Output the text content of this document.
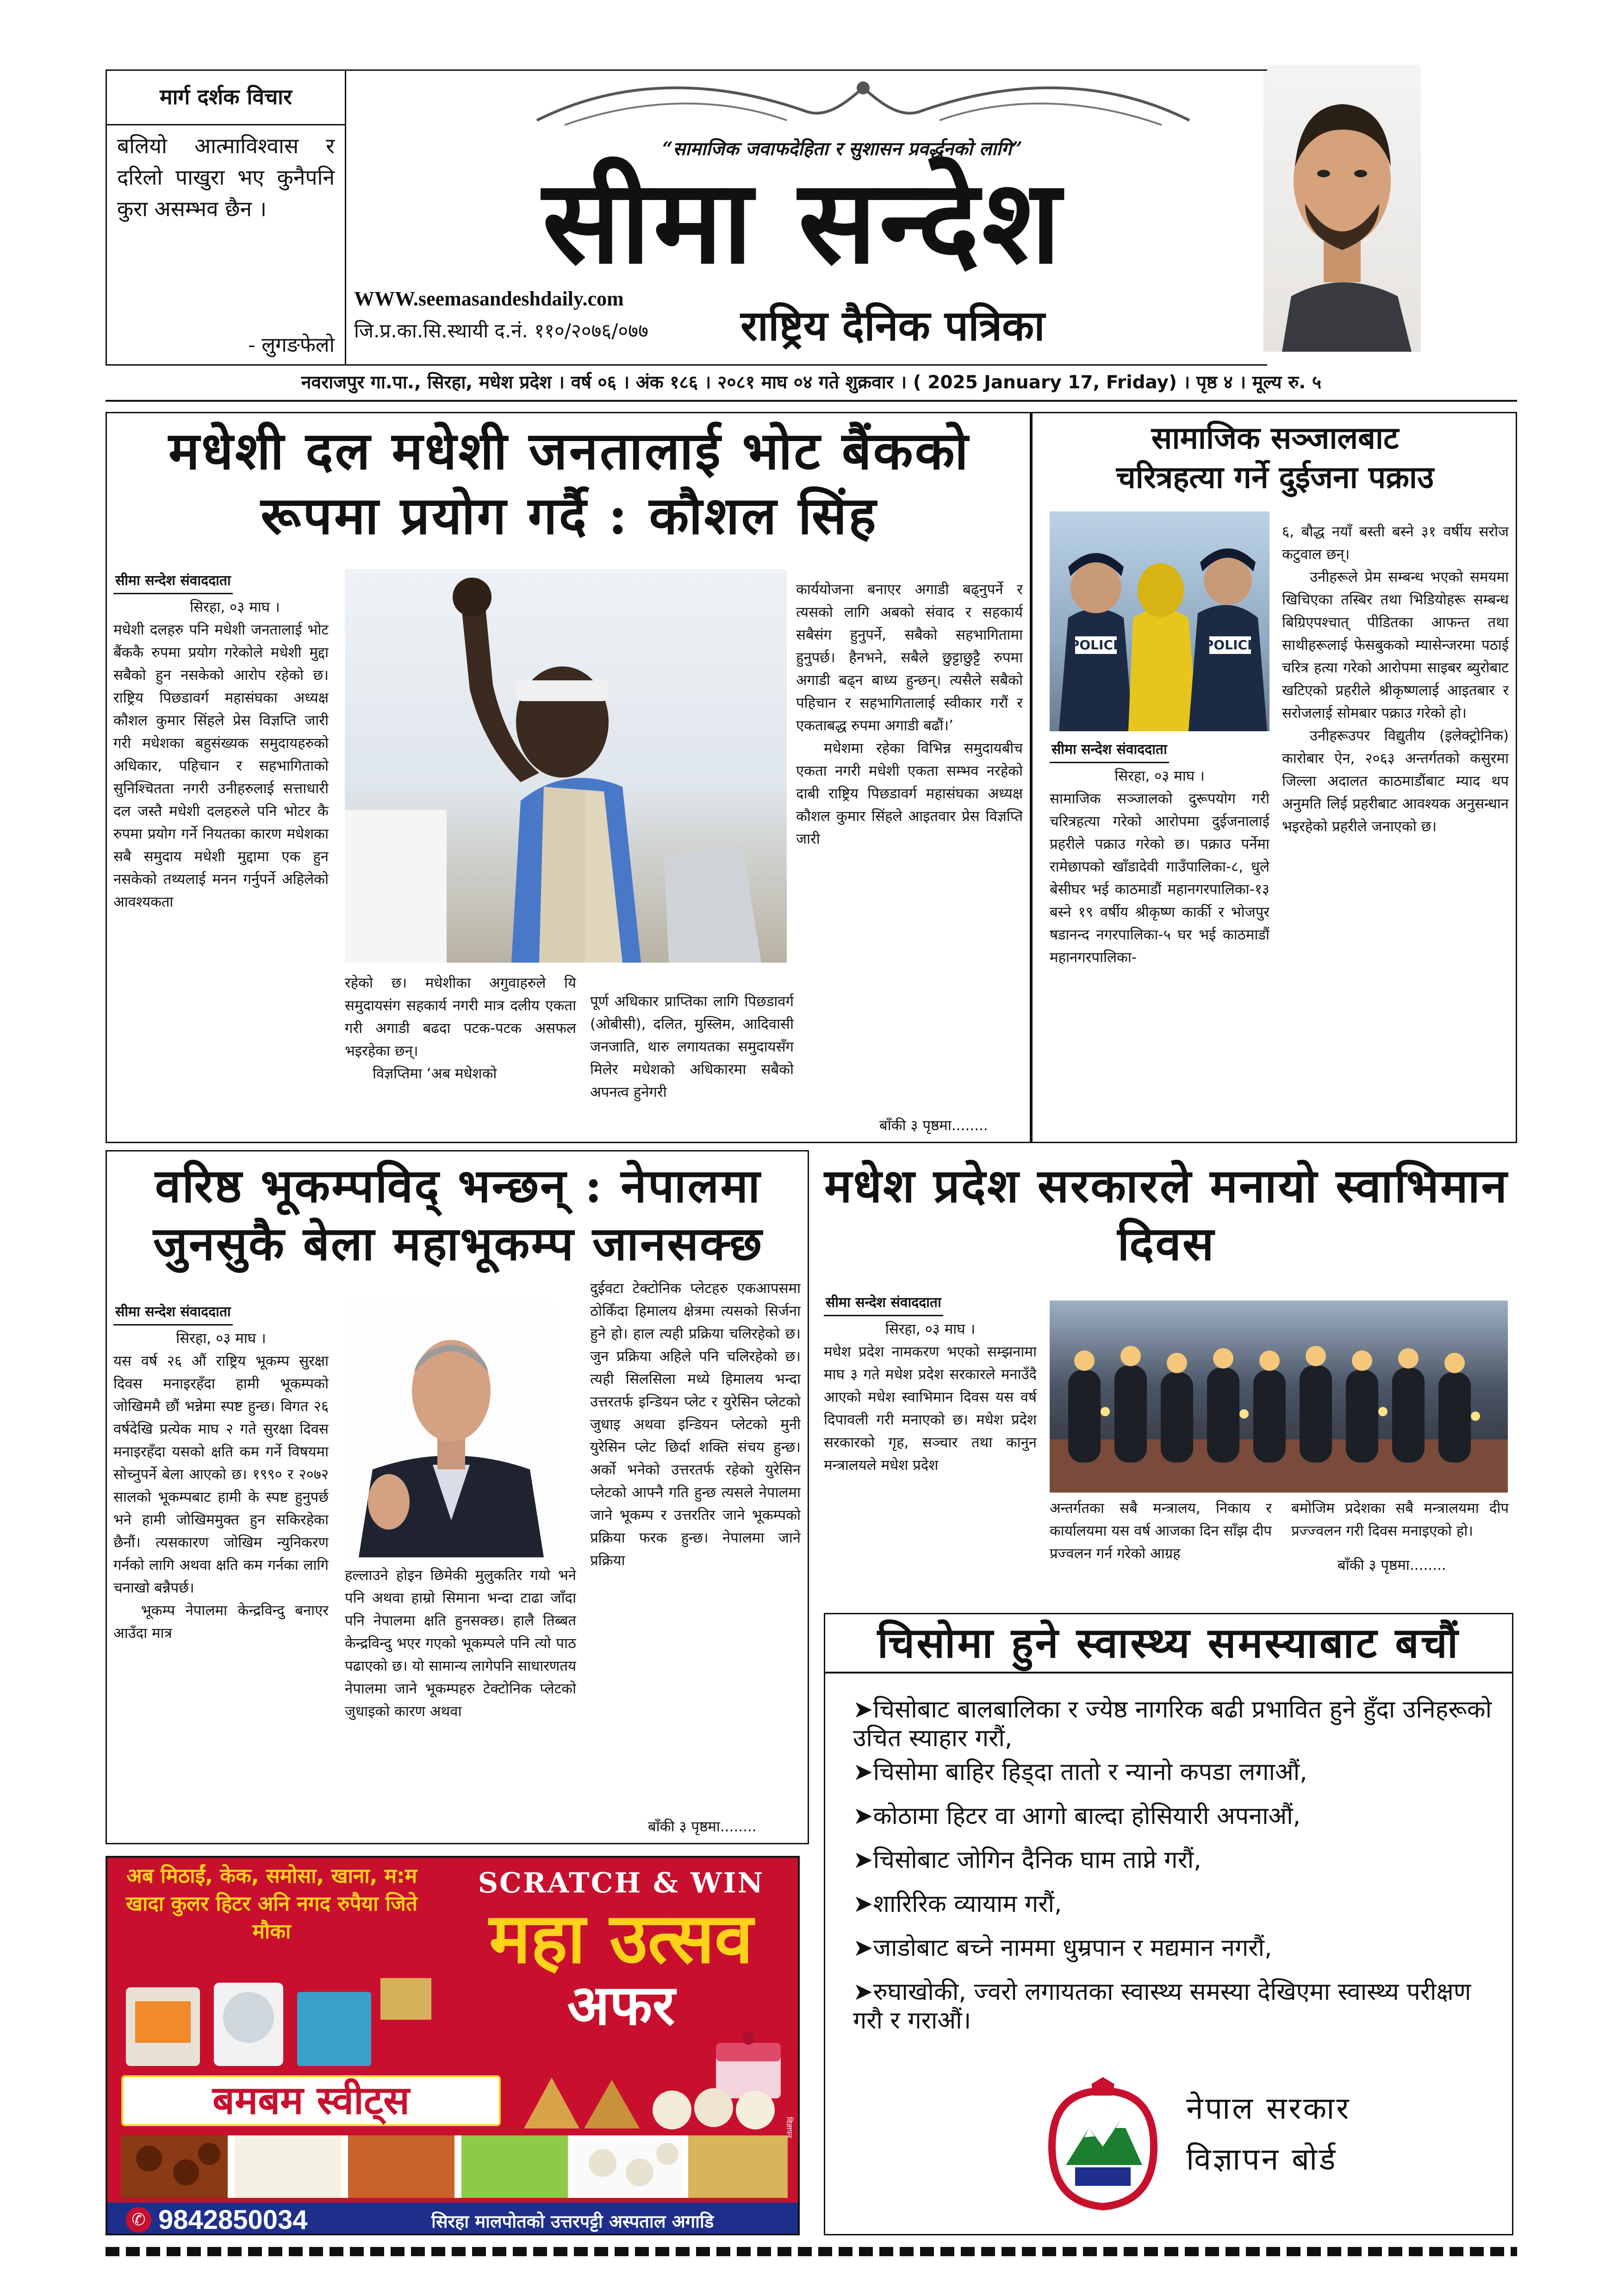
मार्ग दर्शक विचार
बलियो आत्माविश्वास र दरिलो पाखुरा भए कुनैपनि कुरा असम्भव छैन ।
- लुगङफेलो
“सामाजिक जवाफदेहिता र सुशासन प्रवर्द्धनको लागि”
सीमा सन्देश
WWW.seemasandeshdaily.com
जि.प्र.का.सि.स्थायी द.नं. ११०/२०७६/०७७ राष्ट्रिय दैनिक पत्रिका
नवराजपुर गा.पा., सिरहा, मधेश प्रदेश । वर्ष ०६ । अंक १८६ । २०८१ माघ ०४ गते शुक्रवार । ( 2025 January 17, Friday) । पृष्ठ ४ । मूल्य रु. ५
मधेशी दल मधेशी जनतालाई भोट बैंकको रूपमा प्रयोग गर्दै : कौशल सिंह
सीमा सन्देश संवाददाता

सिरहा, ०३ माघ ।

मधेशी दलहरु पनि मधेशी जनतालाई भोट बैंककै रुपमा प्रयोग गरेकोले मधेशी मुद्दा सबैको हुन नसकेको आरोप रहेको छ। राष्ट्रिय पिछडावर्ग महासंघका अध्यक्ष कौशल कुमार सिंहले प्रेस विज्ञप्ति जारी गरी मधेशका बहुसंख्यक समुदायहरुको अधिकार, पहिचान र सहभागिताको सुनिश्चितता नगरी उनीहरुलाई सत्ताधारी दल जस्तै मधेशी दलहरुले पनि भोटर कै रुपमा प्रयोग गर्ने नियतका कारण मधेशका सबै समुदाय मधेशी मुद्दामा एक हुन नसकेको तथ्यलाई मनन गर्नुपर्ने अहिलेको आवश्यकता

रहेको छ। मधेशीका अगुवाहरुले यि समुदायसंग सहकार्य नगरी मात्र दलीय एकता गरी अगाडी बढदा पटक-पटक असफल भइरहेका छन्।

विज्ञप्तिमा ‘अब मधेशको

पूर्ण अधिकार प्राप्तिका लागि पिछडावर्ग (ओबीसी), दलित, मुस्लिम, आदिवासी जनजाति, थारु लगायतका समुदायसँग मिलेर मधेशको अधिकारमा सबैको अपनत्व हुनेगरी

कार्ययोजना बनाएर अगाडी बढ्नुपर्ने र त्यसको लागि अबको संवाद र सहकार्य सबैसंग हुनुपर्ने, सबैको सहभागितामा हुनुपर्छ। हैनभने, सबैले छुट्टाछुट्टै रुपमा अगाडी बढ्न बाध्य हुन्छन्। त्यसैले सबैको पहिचान र सहभागितालाई स्वीकार गरौं र एकताबद्ध रुपमा अगाडी बढौं।’

मधेशमा रहेका विभिन्न समुदायबीच एकता नगरी मधेशी एकता सम्भव नरहेको दाबी राष्ट्रिय पिछडावर्ग महासंघका अध्यक्ष कौशल कुमार सिंहले आइतवार प्रेस विज्ञप्ति जारी

बाँकी ३ पृष्ठमा........
सामाजिक सञ्जालबाट
चरित्रहत्या गर्ने दुईजना पक्राउ
POLICE	POLICE
सीमा सन्देश संवाददाता

सिरहा, ०३ माघ ।

सामाजिक सञ्जालको दुरूपयोग गरी चरित्रहत्या गरेको आरोपमा दुईजनालाई प्रहरीले पक्राउ गरेको छ। पक्राउ पर्नेमा रामेछापको खाँडादेवी गाउँपालिका-८, धुले बेसीघर भई काठमाडौं महानगरपालिका-१३ बस्ने १९ वर्षीय श्रीकृष्ण कार्की र भोजपुर षडानन्द नगरपालिका-५ घर भई काठमाडौं महानगरपालिका-

६, बौद्ध नयाँ बस्ती बस्ने ३१ वर्षीय सरोज कटुवाल छन्।

उनीहरूले प्रेम सम्बन्ध भएको समयमा खिचिएका तस्बिर तथा भिडियोहरू सम्बन्ध बिग्रिएपश्चात् पीडितका आफन्त तथा साथीहरूलाई फेसबुकको म्यासेन्जरमा पठाई चरित्र हत्या गरेको आरोपमा साइबर ब्युरोबाट खटिएको प्रहरीले श्रीकृष्णलाई आइतबार र सरोजलाई सोमबार पक्राउ गरेको हो।

उनीहरूउपर विद्युतीय (इलेक्ट्रोनिक) कारोबार ऐन, २०६३ अन्तर्गतको कसुरमा जिल्ला अदालत काठमाडौंबाट म्याद थप अनुमति लिई प्रहरीबाट आवश्यक अनुसन्धान भइरहेको प्रहरीले जनाएको छ।

वरिष्ठ भूकम्पविद् भन्छन् : नेपालमा जुनसुकै बेला महाभूकम्प जानसक्छ
सीमा सन्देश संवाददाता

सिरहा, ०३ माघ ।

यस वर्ष २६ औं राष्ट्रिय भूकम्प सुरक्षा दिवस मनाइरहँदा हामी भूकम्पको जोखिममै छौं भन्नेमा स्पष्ट हुन्छ। विगत २६ वर्षदेखि प्रत्येक माघ २ गते सुरक्षा दिवस मनाइरहँदा यसको क्षति कम गर्ने विषयमा सोच्नुपर्ने बेला आएको छ। १९९० र २०७२ सालको भूकम्पबाट हामी के स्पष्ट हुनुपर्छ भने हामी जोखिममुक्त हुन सकिरहेका छैनौं। त्यसकारण जोखिम न्युनिकरण गर्नको लागि अथवा क्षति कम गर्नका लागि चनाखो बन्नैपर्छ।

भूकम्प नेपालमा केन्द्रविन्दु बनाएर आउँदा मात्र

हल्लाउने होइन छिमेकी मुलुकतिर गयो भने पनि अथवा हाम्रो सिमाना भन्दा टाढा जाँदा पनि नेपालमा क्षति हुनसक्छ। हालै तिब्बत केन्द्रविन्दु भएर गएको भूकम्पले पनि त्यो पाठ पढाएको छ। यो सामान्य लागेपनि साधारणतय नेपालमा जाने भूकम्पहरु टेक्टोनिक प्लेटको जुधाइको कारण अथवा

दुईवटा टेक्टोनिक प्लेटहरु एकआपसमा ठोकिँदा हिमालय क्षेत्रमा त्यसको सिर्जना हुने हो। हाल त्यही प्रक्रिया चलिरहेको छ। जुन प्रक्रिया अहिले पनि चलिरहेको छ। त्यही सिलसिला मध्ये हिमालय भन्दा उत्तरतर्फ इन्डियन प्लेट र युरेसिन प्लेटको जुधाइ अथवा इन्डियन प्लेटको मुनी युरेसिन प्लेट छिर्दा शक्ति संचय हुन्छ। अर्को भनेको उत्तरतर्फ रहेको युरेसिन प्लेटको आफ्नै गति हुन्छ त्यसले नेपालमा जाने भूकम्प र उत्तरतिर जाने भूकम्पको प्रक्रिया फरक हुन्छ। नेपालमा जाने प्रक्रिया

बाँकी ३ पृष्ठमा........
मधेश प्रदेश सरकारले मनायो स्वाभिमान दिवस
सीमा सन्देश संवाददाता

सिरहा, ०३ माघ ।

मधेश प्रदेश नामकरण भएको सम्झनामा माघ ३ गते मधेश प्रदेश सरकारले मनाउँदै आएको मधेश स्वाभिमान दिवस यस वर्ष दिपावली गरी मनाएको छ। मधेश प्रदेश सरकारको गृह, सञ्चार तथा कानुन मन्त्रालयले मधेश प्रदेश

अन्तर्गतका सबै मन्त्रालय, निकाय र कार्यालयमा यस वर्ष आजका दिन साँझ दीप प्रज्वलन गर्न गरेको आग्रह

बमोजिम प्रदेशका सबै मन्त्रालयमा दीप प्रज्ज्वलन गरी दिवस मनाइएको हो।

बाँकी ३ पृष्ठमा........
अब मिठाईं, केक, समोसा, खाना, म:म खादा कुलर हिटर अनि नगद रुपैया जिते मौका
SCRATCH & WIN
महा उत्सव
अफर
बमबम स्वीट्स
✆ 9842850034	सिरहा मालपोतको उत्तरपट्टी अस्पताल अगाडि
विज्ञापन
चिसोमा हुने स्वास्थ्य समस्याबाट बचौं
➤चिसोबाट बालबालिका र ज्येष्ठ नागरिक बढी प्रभावित हुने हुँदा उनिहरूको उचित स्याहार गरौं,
➤चिसोमा बाहिर हिड्दा तातो र न्यानो कपडा लगाऔं,
➤कोठामा हिटर वा आगो बाल्दा होसियारी अपनाऔं,
➤चिसोबाट जोगिन दैनिक घाम ताप्ने गरौं,
➤शारिरिक व्यायाम गरौं,
➤जाडोबाट बच्ने नाममा धुम्रपान र मद्यमान नगरौं,
➤रुघाखोकी, ज्वरो लगायतका स्वास्थ्य समस्या देखिएमा स्वास्थ्य परीक्षण गरौ र गराऔं।
नेपाल सरकार
विज्ञापन बोर्ड
